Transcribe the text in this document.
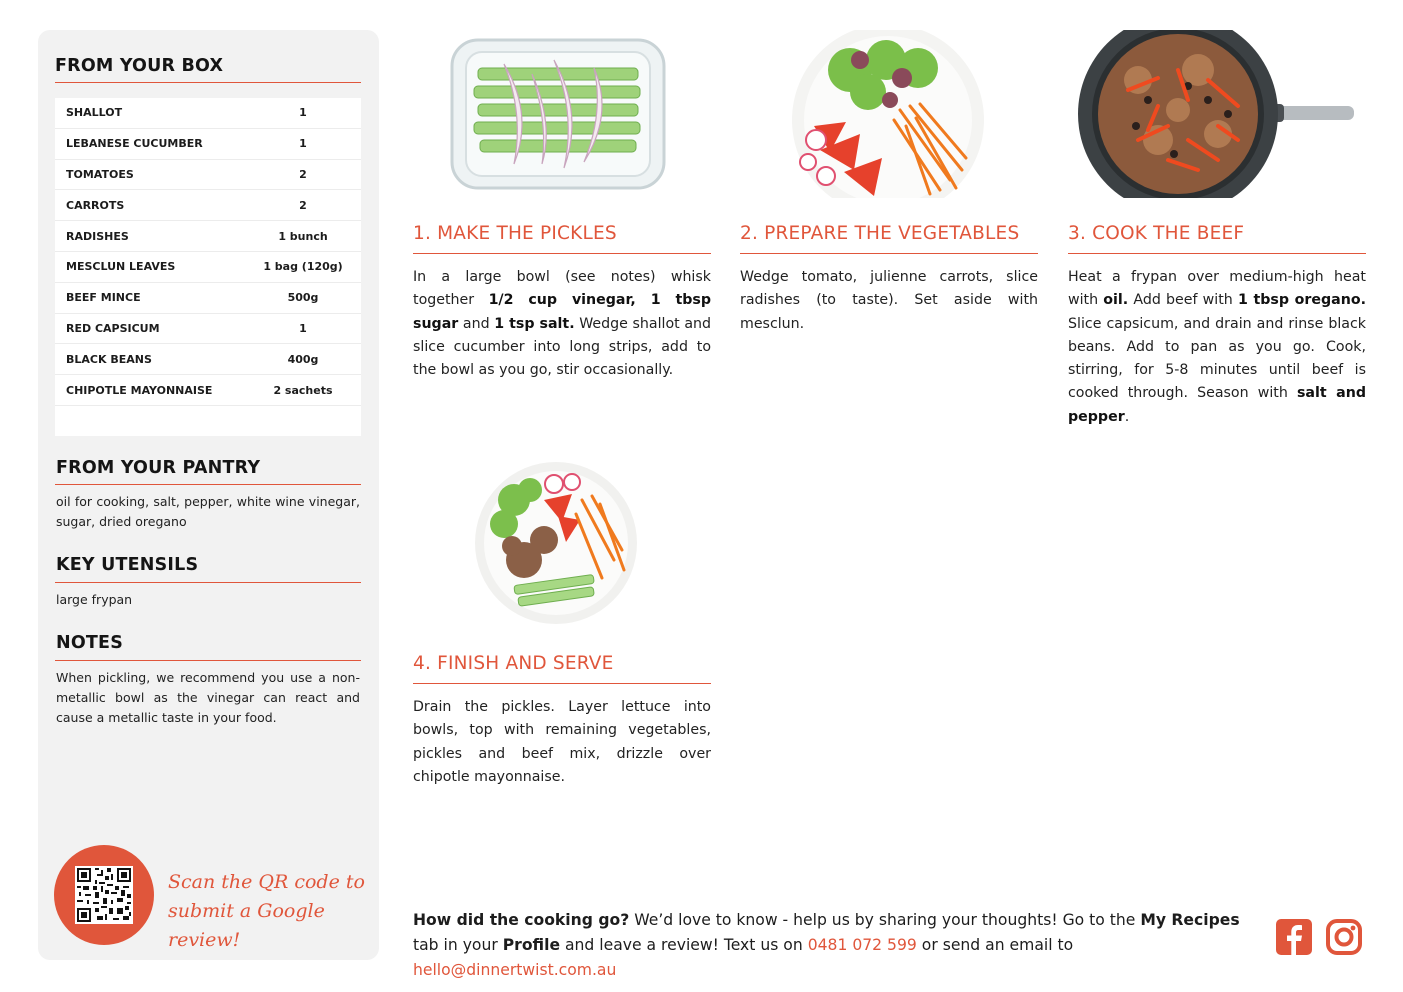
FROM YOUR BOX
SHALLOT	1
LEBANESE CUCUMBER	1
TOMATOES	2
CARROTS	2
RADISHES	1 bunch
MESCLUN LEAVES	1 bag (120g)
BEEF MINCE	500g
RED CAPSICUM	1
BLACK BEANS	400g
CHIPOTLE MAYONNAISE	2 sachets
FROM YOUR PANTRY
oil for cooking, salt, pepper, white wine vinegar, sugar, dried oregano
KEY UTENSILS
large frypan
NOTES
When pickling, we recommend you use a non-metallic bowl as the vinegar can react and cause a metallic taste in your food.
Scan the QR code to
submit a Google review!
1. MAKE THE PICKLES
In a large bowl (see notes) whisk together 1/2 cup vinegar, 1 tbsp sugar and 1 tsp salt. Wedge shallot and slice cucumber into long strips, add to the bowl as you go, stir occasionally.
2. PREPARE THE VEGETABLES
Wedge tomato, julienne carrots, slice radishes (to taste). Set aside with mesclun.
3. COOK THE BEEF
Heat a frypan over medium-high heat with oil. Add beef with 1 tbsp oregano. Slice capsicum, and drain and rinse black beans. Add to pan as you go. Cook, stirring, for 5-8 minutes until beef is cooked through. Season with salt and pepper.
4. FINISH AND SERVE
Drain the pickles. Layer lettuce into bowls, top with remaining vegetables, pickles and beef mix, drizzle over chipotle mayonnaise.
How did the cooking go? We’d love to know - help us by sharing your thoughts! Go to the My Recipes tab in your Profile and leave a review! Text us on 0481 072 599 or send an email to hello@dinnertwist.com.au
